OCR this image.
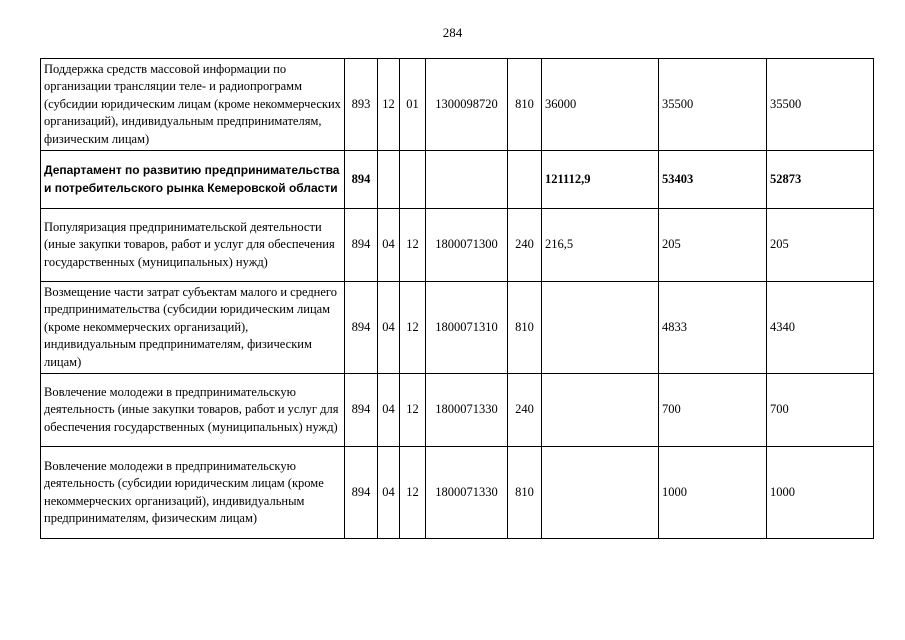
284
Поддержка средств массовой информации по организации трансляции теле- и радиопрограмм (субсидии юридическим лицам (кроме некоммерческих организаций), индивидуальным предпринимателям, физическим лицам)	893	12	01	1300098720	810	36000	35500	35500
Департамент по развитию предпринимательства и потребительского рынка Кемеровской области	894					121112,9	53403	52873
Популяризация предпринимательской деятельности (иные закупки товаров, работ и услуг для обеспечения государственных (муниципальных) нужд)	894	04	12	1800071300	240	216,5	205	205
Возмещение части затрат субъектам малого и среднего предпринимательства (субсидии юридическим лицам (кроме некоммерческих организаций), индивидуальным предпринимателям, физическим лицам)	894	04	12	1800071310	810		4833	4340
Вовлечение молодежи в предпринимательскую деятельность (иные закупки товаров, работ и услуг для обеспечения государственных (муниципальных) нужд)	894	04	12	1800071330	240		700	700
Вовлечение молодежи в предпринимательскую деятельность (субсидии юридическим лицам (кроме некоммерческих организаций), индивидуальным предпринимателям, физическим лицам)	894	04	12	1800071330	810		1000	1000
